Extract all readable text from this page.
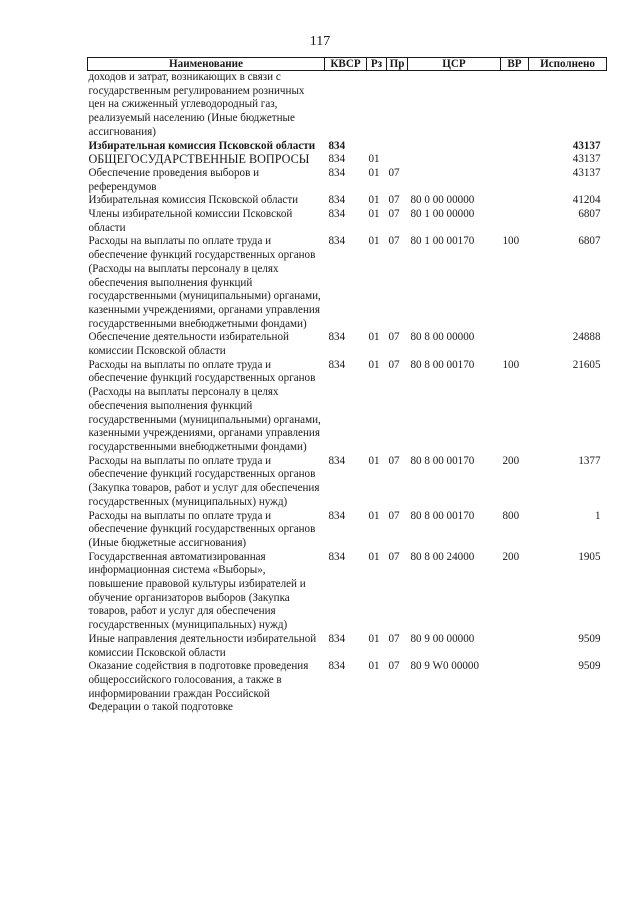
117
Наименование	КВСР	Рз	Пр	ЦСР	ВР	Исполнено
доходов и затрат, возникающих в связи с государственным регулированием розничных цен на сжиженный углеводородный газ, реализуемый населению (Иные бюджетные ассигнования)						
Избирательная комиссия Псковской области	834					43137
ОБЩЕГОСУДАРСТВЕННЫЕ ВОПРОСЫ	834	01				43137
Обеспечение проведения выборов и референдумов	834	01	07			43137
Избирательная комиссия Псковской области	834	01	07	80 0 00 00000		41204
Члены избирательной комиссии Псковской области	834	01	07	80 1 00 00000		6807
Расходы на выплаты по оплате труда и обеспечение функций государственных органов (Расходы на выплаты персоналу в целях обеспечения выполнения функций государственными (муниципальными) органами, казенными учреждениями, органами управления государственными внебюджетными фондами)	834	01	07	80 1 00 00170	100	6807
Обеспечение деятельности избирательной комиссии Псковской области	834	01	07	80 8 00 00000		24888
Расходы на выплаты по оплате труда и обеспечение функций государственных органов (Расходы на выплаты персоналу в целях обеспечения выполнения функций государственными (муниципальными) органами, казенными учреждениями, органами управления государственными внебюджетными фондами)	834	01	07	80 8 00 00170	100	21605
Расходы на выплаты по оплате труда и обеспечение функций государственных органов (Закупка товаров, работ и услуг для обеспечения государственных (муниципальных) нужд)	834	01	07	80 8 00 00170	200	1377
Расходы на выплаты по оплате труда и обеспечение функций государственных органов (Иные бюджетные ассигнования)	834	01	07	80 8 00 00170	800	1
Государственная автоматизированная информационная система «Выборы», повышение правовой культуры избирателей и обучение организаторов выборов (Закупка товаров, работ и услуг для обеспечения государственных (муниципальных) нужд)	834	01	07	80 8 00 24000	200	1905
Иные направления деятельности избирательной комиссии Псковской области	834	01	07	80 9 00 00000		9509
Оказание содействия в подготовке проведения общероссийского голосования, а также в информировании граждан Российской Федерации о такой подготовке	834	01	07	80 9 W0 00000		9509
